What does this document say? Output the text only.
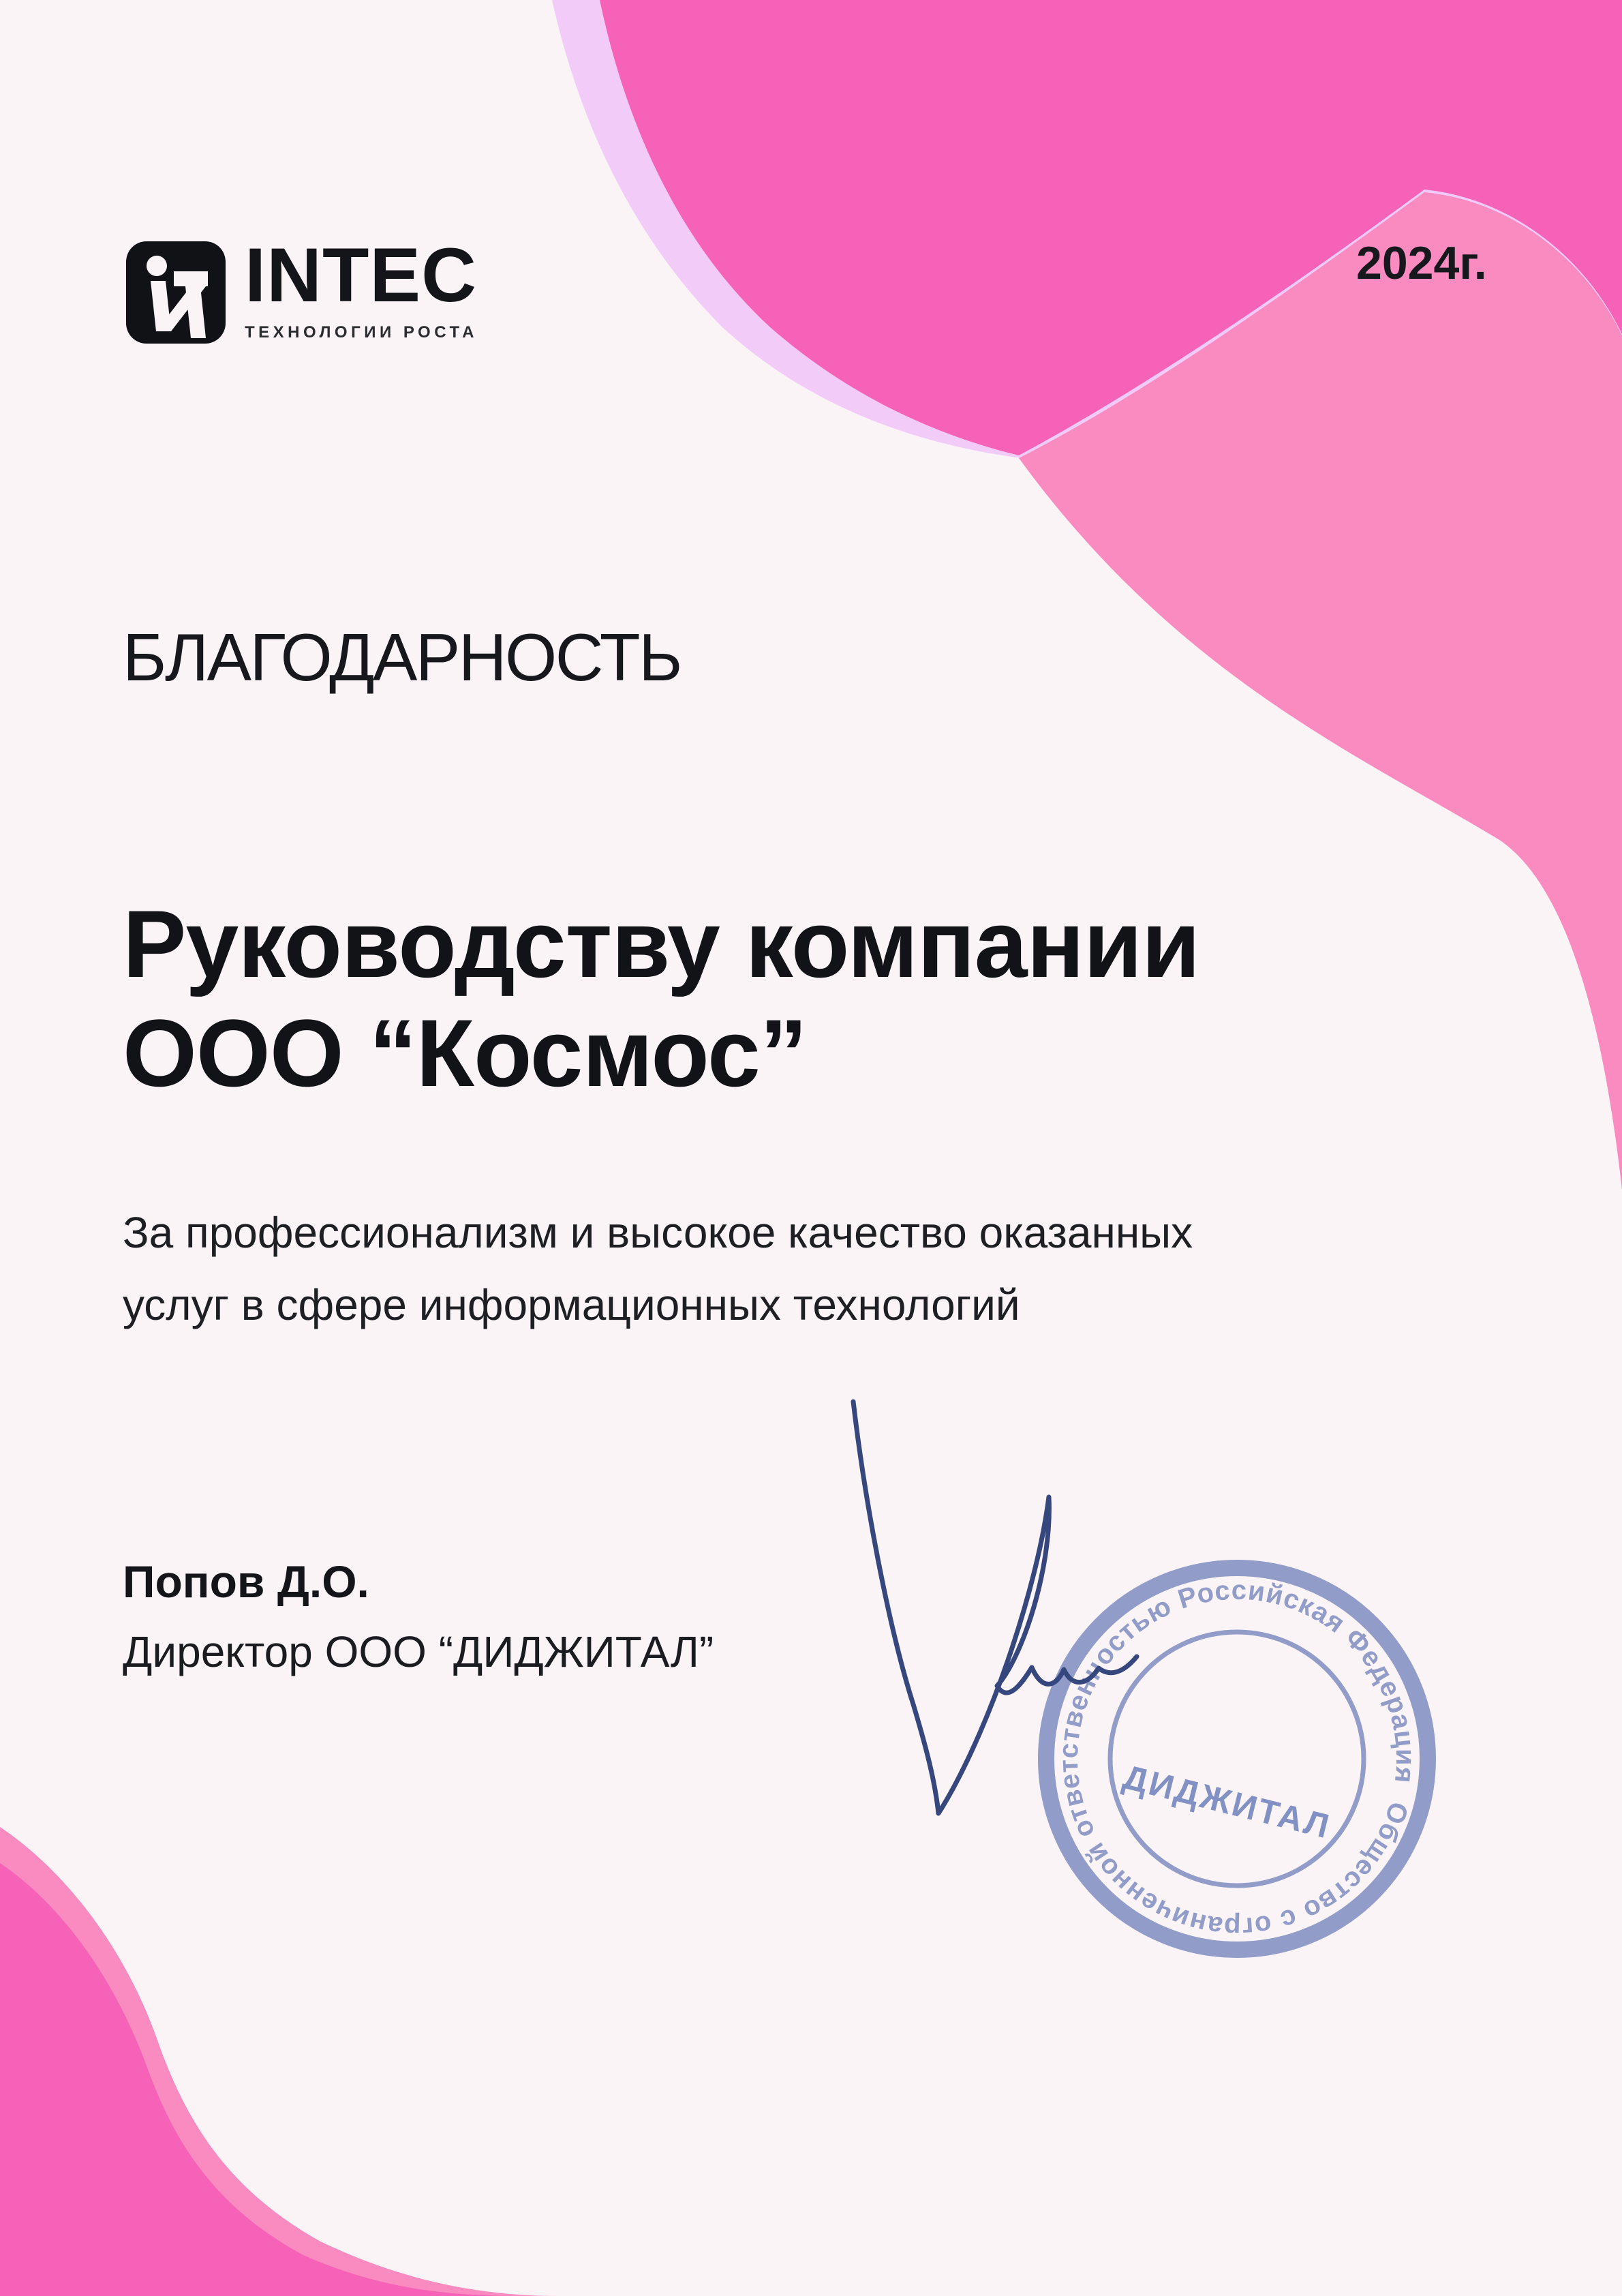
INTEC
ТЕХНОЛОГИИ РОСТА
2024г.
БЛАГОДАРНОСТЬ
Руководству компании
ООО “Космос”
За профессионализм и высокое качество оказанных
услуг в сфере информационных технологий
Попов Д.О.
Директор ООО “ДИДЖИТАЛ”
Общество с ограниченной ответственностью Российская Федерация
ДИДЖИТАЛ
